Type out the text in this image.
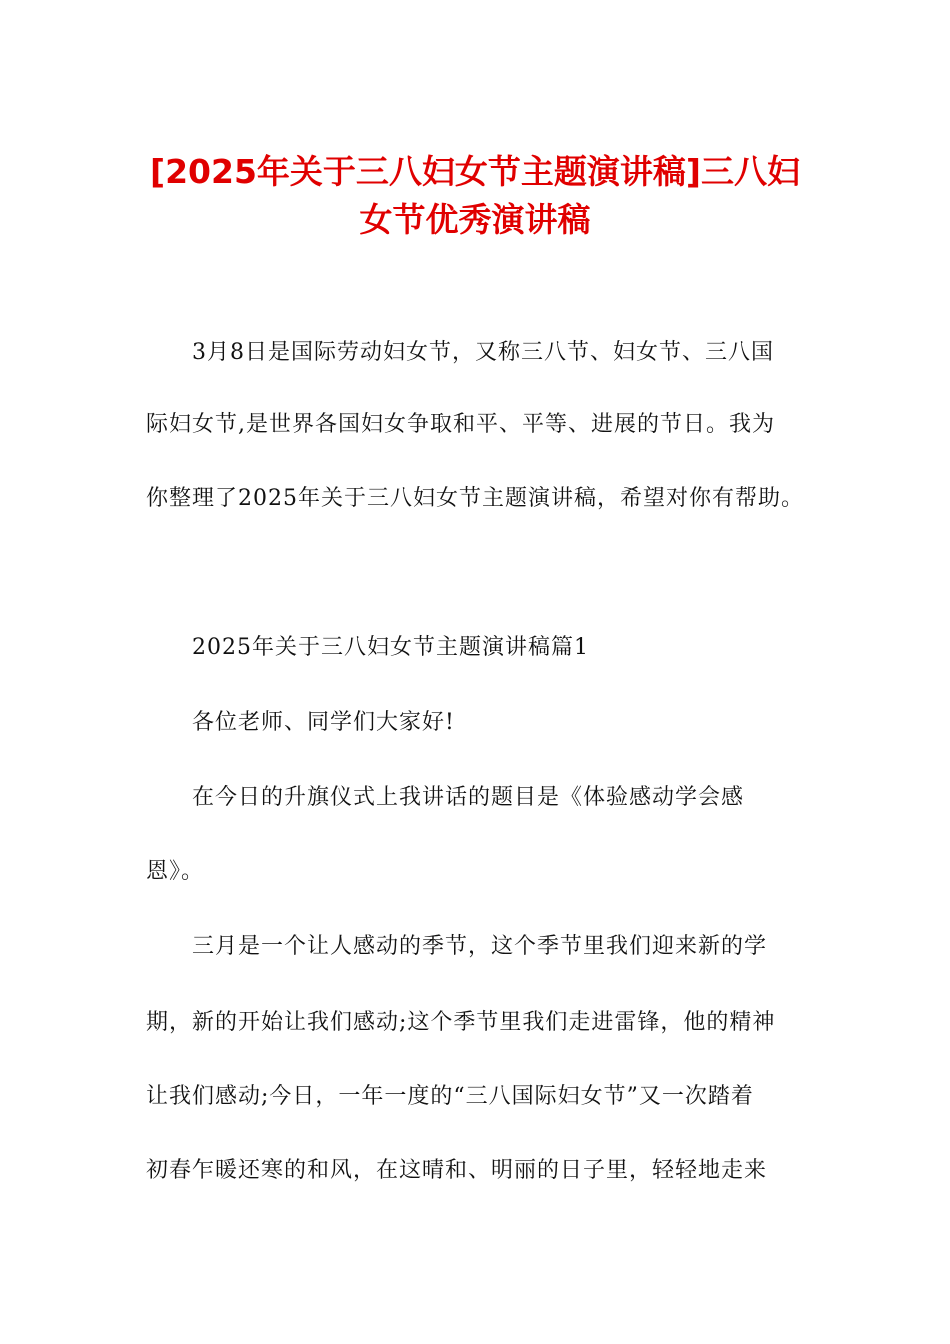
[2025年关于三八妇女节主题演讲稿]三八妇
女节优秀演讲稿

3月8日是国际劳动妇女节，又称三八节、妇女节、三八国

际妇女节,是世界各国妇女争取和平、平等、进展的节日。我为

你整理了2025年关于三八妇女节主题演讲稿，希望对你有帮助。

2025年关于三八妇女节主题演讲稿篇1

各位老师、同学们大家好!

在今日的升旗仪式上我讲话的题目是《体验感动学会感

恩》。

三月是一个让人感动的季节，这个季节里我们迎来新的学

期，新的开始让我们感动;这个季节里我们走进雷锋，他的精神

让我们感动;今日，一年一度的“三八国际妇女节”又一次踏着

初春乍暖还寒的和风，在这晴和、明丽的日子里，轻轻地走来
